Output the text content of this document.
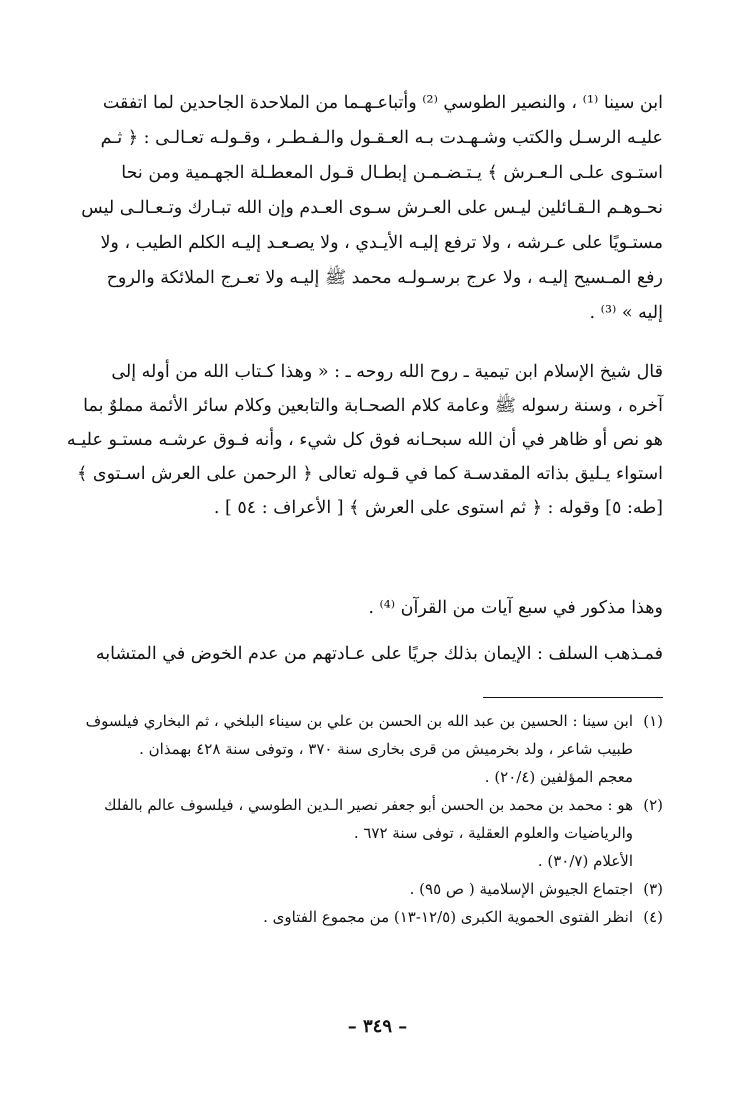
ابن سينا ⁽¹⁾ ، والنصير الطوسي ⁽²⁾ وأتباعـهـما من الملاحدة الجاحدين لما اتفقت
عليـه الرسـل والكتب وشـهـدت بـه العـقـول والـفـطـر ، وقـولـه تعـالـى : ﴿ ثـم
استـوى علـى الـعـرش ﴾ يـتـضـمـن إبطـال قـول المعطـلة الجهـمية ومن نحا
نحـوهـم الـقـائلين ليـس على العـرش سـوى العـدم وإن الله تبـارك وتـعـالـى ليس
مستـويًا على عـرشه ، ولا ترفع إليـه الأيـدي ، ولا يصـعـد إليـه الكلم الطيب ، ولا
رفع المـسيح إليـه ، ولا عرج برسـولـه محمد ﷺ إليـه ولا تعـرج الملائكة والروح
إليه » ⁽³⁾ .
قال شيخ الإسلام ابن تيمية ـ روح الله روحه ـ : « وهذا كـتاب الله من أوله إلى
آخره ، وسنة رسوله ﷺ وعامة كلام الصحـابة والتابعين وكلام سائر الأئمة مملوٌ بما
هو نص أو ظاهر في أن الله سبحـانه فوق كل شيء ، وأنه فـوق عرشـه مستـو عليـه
استواء يـليق بذاته المقدسـة كما في قـوله تعالى ﴿ الرحمن على العرش اسـتوى ﴾
[طه: ٥] وقوله : ﴿ ثم استوى على العرش ﴾ [ الأعراف : ٥٤ ] .
وهذا مذكور في سبع آيات من القرآن ⁽⁴⁾ .
فمـذهب السلف : الإيمان بذلك جريًا على عـادتهم من عدم الخوض في المتشابه
(١)ابن سينا : الحسين بن عبد الله بن الحسن بن علي بن سيناء البلخي ، ثم البخاري فيلسوف
طبيب شاعر ، ولد بخرميش من قرى بخارى سنة ٣٧٠ ، وتوفى سنة ٤٢٨ بهمذان .
معجم المؤلفين (٢٠/٤) .
(٢)هو : محمد بن محمد بن الحسن أبو جعفر نصير الـدين الطوسي ، فيلسوف عالم بالفلك
والرياضيات والعلوم العقلية ، توفى سنة ٦٧٢ .
الأعلام (٣٠/٧) .
(٣)اجتماع الجيوش الإسلامية ( ص ٩٥) .
(٤)انظر الفتوى الحموية الكبرى (١٢/٥-١٣) من مجموع الفتاوى .
– ٣٤٩ –
